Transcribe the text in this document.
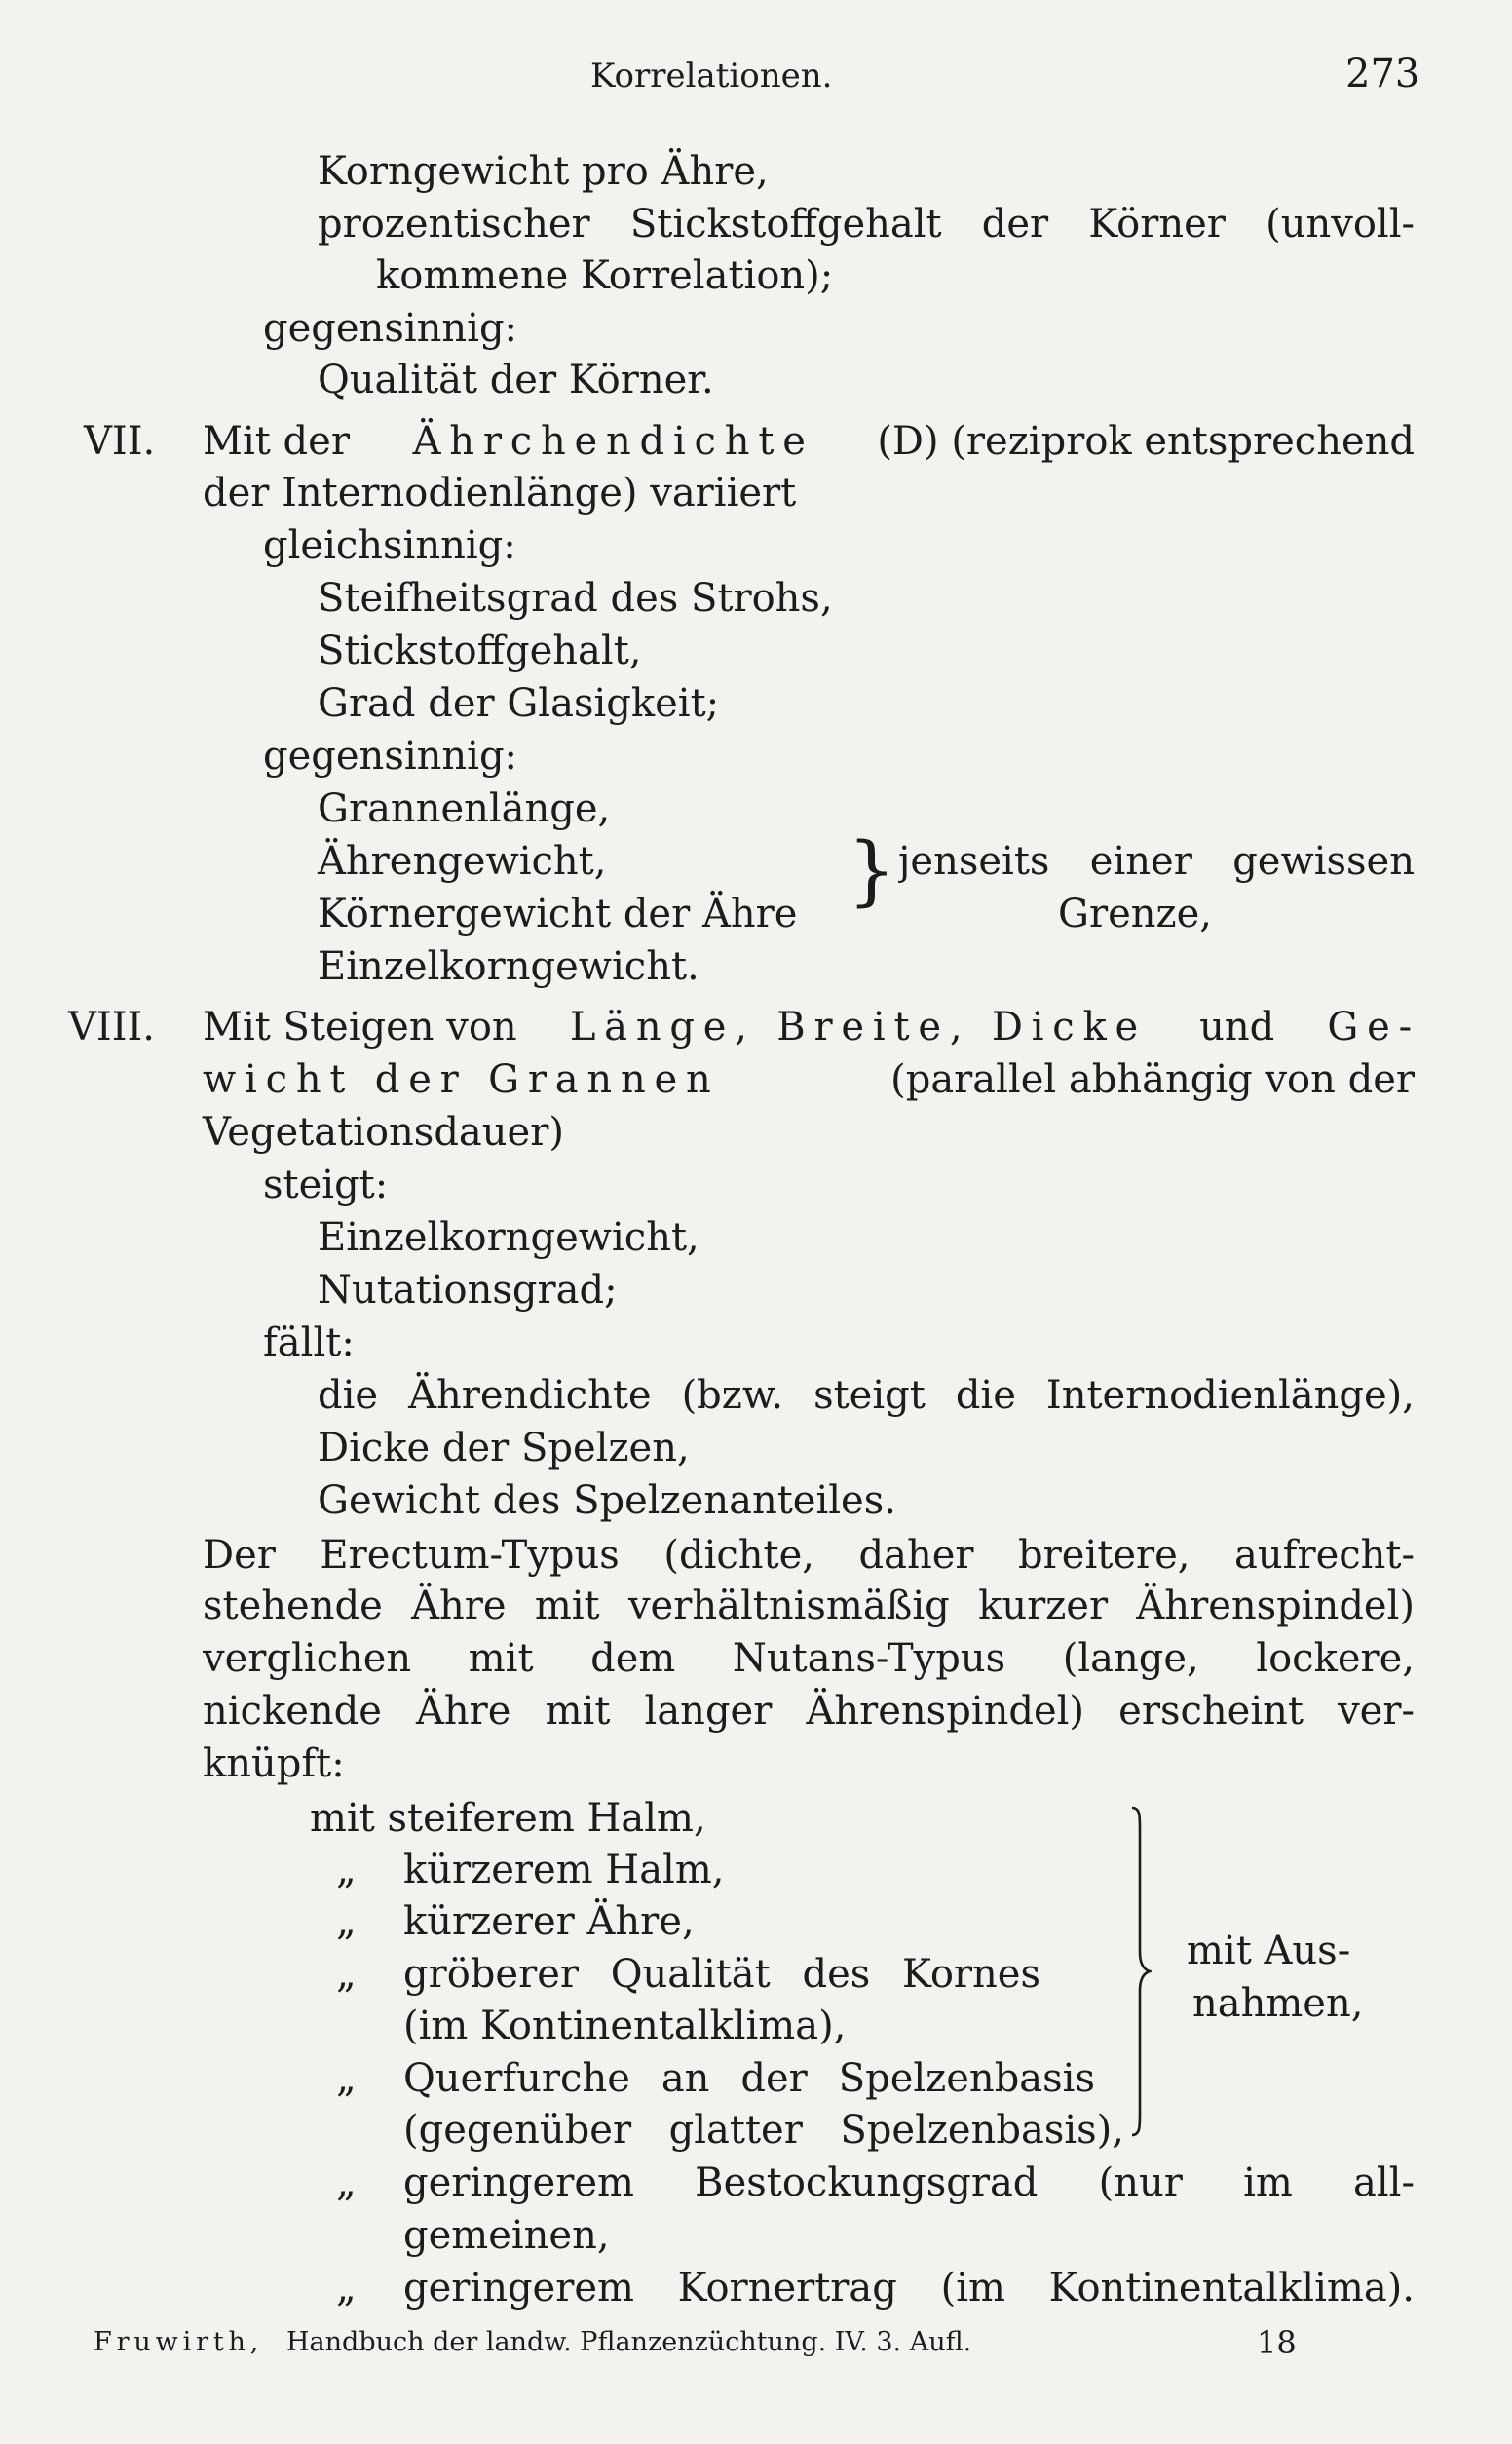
Korrelationen.	273
Korngewicht pro Ähre,
prozentischer Stickstoffgehalt der Körner (unvoll-
kommene Korrelation);
gegensinnig:
Qualität der Körner.
VII. Mit der Ährchendichte (D) (reziprok entsprechend
der Internodienlänge) variiert
gleichsinnig:
Steifheitsgrad des Strohs,
Stickstoffgehalt,
Grad der Glasigkeit;
gegensinnig:
Grannenlänge,
Ährengewicht,	} jenseits einer gewissen
Körnergewicht der Ähre	Grenze,
Einzelkorngewicht.
VIII. Mit Steigen von Länge, Breite, Dicke und Ge-
wicht der Grannen	(parallel abhängig von der
Vegetationsdauer)
steigt:
Einzelkorngewicht,
Nutationsgrad;
fällt:
die Ährendichte (bzw. steigt die Internodienlänge),
Dicke der Spelzen,
Gewicht des Spelzenanteiles.
Der Erectum-Typus (dichte, daher breitere, aufrecht-
stehende Ähre mit verhältnismäßig kurzer Ährenspindel)
verglichen mit dem Nutans-Typus (lange, lockere,
nickende Ähre mit langer Ährenspindel) erscheint ver-
knüpft:
mit steiferem Halm,
„ kürzerem Halm,
„ kürzerer Ähre,
„ gröberer Qualität des Kornes
(im Kontinentalklima),
„ Querfurche an der Spelzenbasis
(gegenüber glatter Spelzenbasis),
mit Aus-
nahmen,
„ geringerem Bestockungsgrad (nur im all-
gemeinen,
„ geringerem Kornertrag (im Kontinentalklima).
Fruwirth, Handbuch der landw. Pflanzenzüchtung. IV. 3. Aufl.	18
